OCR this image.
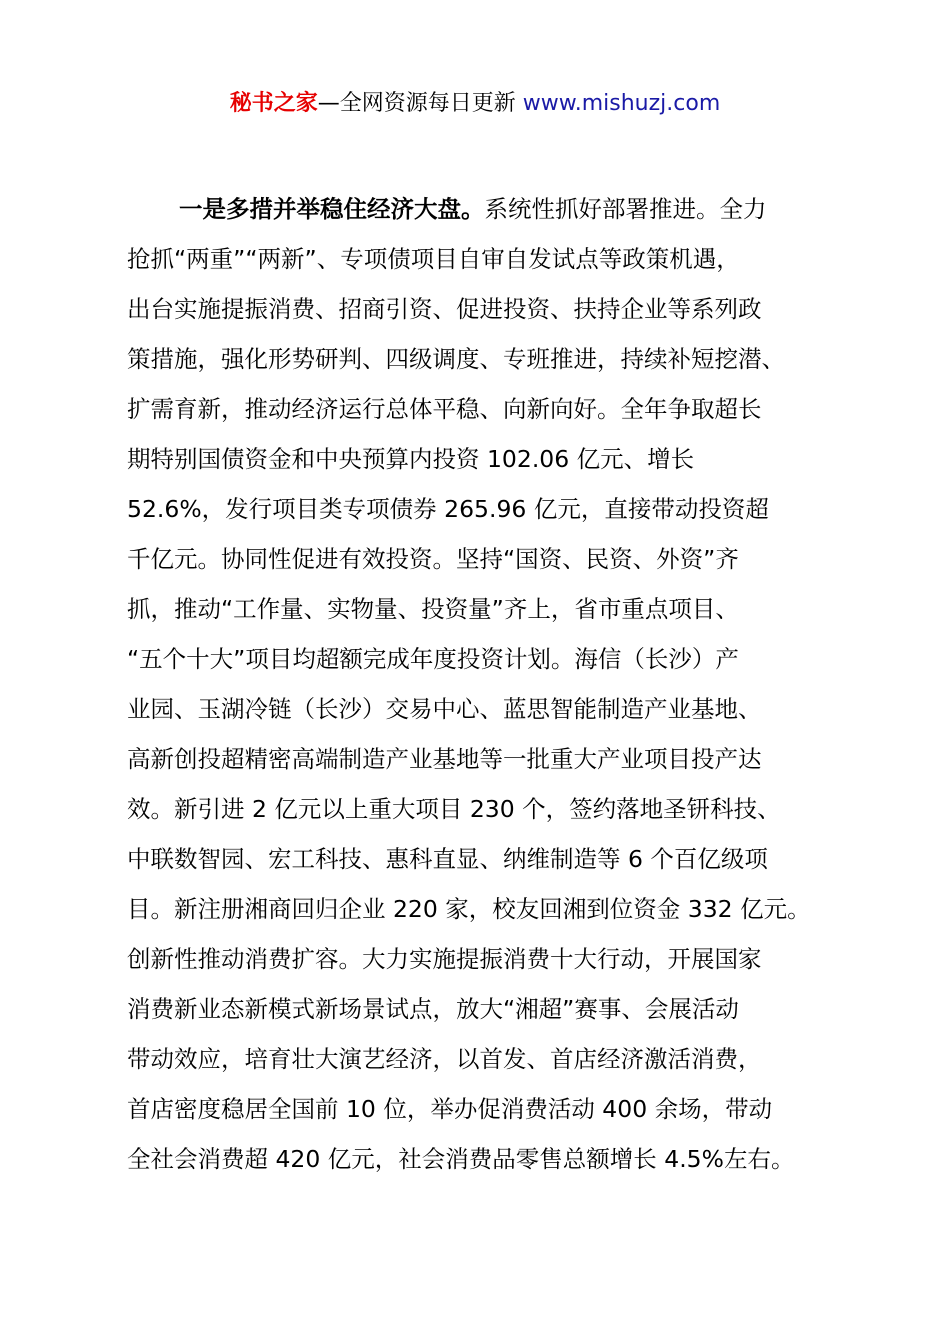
秘书之家—全网资源每日更新 www.mishuzj.com
一是多措并举稳住经济大盘。系统性抓好部署推进。全力
抢抓“两重”“两新”、专项债项目自审自发试点等政策机遇，
出台实施提振消费、招商引资、促进投资、扶持企业等系列政
策措施，强化形势研判、四级调度、专班推进，持续补短挖潜、
扩需育新，推动经济运行总体平稳、向新向好。全年争取超长
期特别国债资金和中央预算内投资 102.06 亿元、增长
52.6%，发行项目类专项债券 265.96 亿元，直接带动投资超
千亿元。协同性促进有效投资。坚持“国资、民资、外资”齐
抓，推动“工作量、实物量、投资量”齐上，省市重点项目、
“五个十大”项目均超额完成年度投资计划。海信（长沙）产
业园、玉湖冷链（长沙）交易中心、蓝思智能制造产业基地、
高新创投超精密高端制造产业基地等一批重大产业项目投产达
效。新引进 2 亿元以上重大项目 230 个，签约落地圣钘科技、
中联数智园、宏工科技、惠科直显、纳维制造等 6 个百亿级项
目。新注册湘商回归企业 220 家，校友回湘到位资金 332 亿元。
创新性推动消费扩容。大力实施提振消费十大行动，开展国家
消费新业态新模式新场景试点，放大“湘超”赛事、会展活动
带动效应，培育壮大演艺经济，以首发、首店经济激活消费，
首店密度稳居全国前 10 位，举办促消费活动 400 余场，带动
全社会消费超 420 亿元，社会消费品零售总额增长 4.5%左右。
